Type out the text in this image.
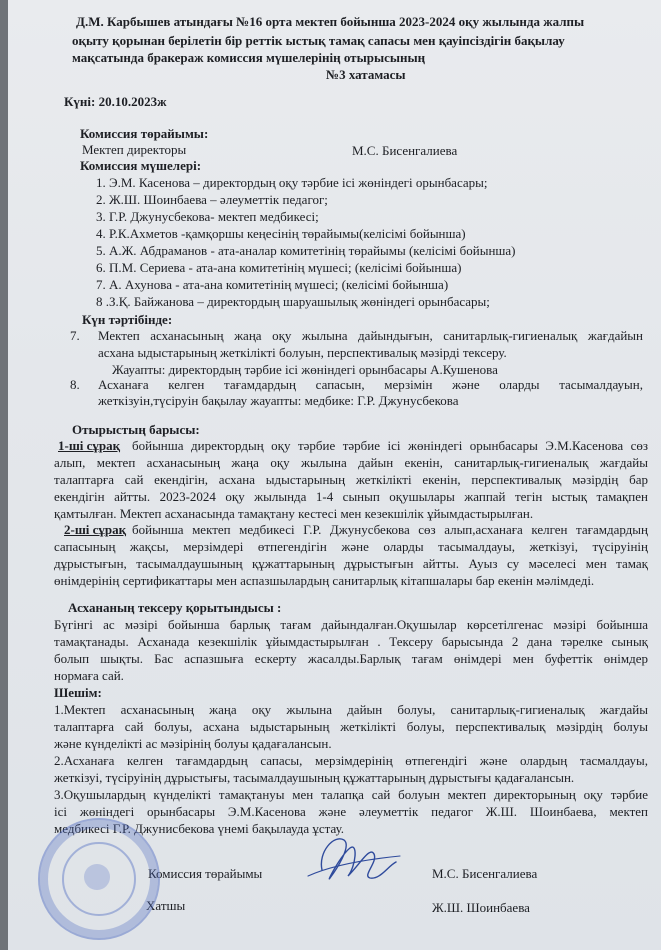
Д.М. Карбышев атындағы №16 орта мектеп бойынша 2023-2024 оқу жылында жалпы
оқыту қорынан берілетін бір реттік ыстық тамақ сапасы мен қауіпсіздігін бақылау
мақсатында бракераж комиссия мүшелерінің отырысының
№3 хатамасы
Күні: 20.10.2023ж
Комиссия төрайымы:
Мектеп директоры	М.С. Бисенгалиева
Комиссия мүшелері:
1. Э.М. Касенова – директордың оқу тәрбие ісі жөніндегі орынбасары;
2. Ж.Ш. Шоинбаева – әлеуметтік педагог;
3. Г.Р. Джунусбекова- мектеп медбикесі;
4. Р.К.Ахметов -қамқоршы кеңесінің төрайымы(келісімі бойынша)
5. А.Ж. Абдраманов - ата-аналар комитетінің төрайымы (келісімі бойынша)
6. П.М. Сериева - ата-ана комитетінің мүшесі; (келісімі бойынша)
7. А. Ахунова - ата-ана комитетінің мүшесі; (келісімі бойынша)
8 .З.Қ. Байжанова – директордың шаруашылық жөніндегі орынбасары;
Күн тәртібінде:
7. Мектеп асханасының жаңа оқу жылына дайындығын, санитарлық-гигиеналық жағдайын
асхана ыдыстарының жеткілікті болуын, перспективалық мәзірді тексеру.
Жауапты: директордың тәрбие ісі жөніндегі орынбасары А.Кушенова
8. Асханаға келген тағамдардың сапасын, мерзімін және оларды тасымалдауын,
жеткізуін,түсіруін бақылау жауапты: медбике: Г.Р. Джунусбекова
Отырыстың барысы:
1-ші сұрақ бойынша директордың оқу тәрбие тәрбие ісі жөніндегі орынбасары Э.М.Касенова сөз
алып, мектеп асханасының жаңа оқу жылына дайын екенін, санитарлық-гигиеналық жағдайы
талаптарға сай екендігін, асхана ыдыстарының жеткілікті екенін, перспективалық мәзірдің бар
екендігін айтты. 2023-2024 оқу жылында 1-4 сынып оқушылары жаппай тегін ыстық тамақпен
қамтылған. Мектеп асханасында тамақтану кестесі мен кезекшілік ұйымдастырылған.
2-ші сұрақ бойынша мектеп медбикесі Г.Р. Джунусбекова сөз алып,асханаға келген тағамдардың
сапасының жақсы, мерзімдері өтпегендігін және оларды тасымалдауы, жеткізуі, түсіруінің
дұрыстығын, тасымалдаушының құжаттарының дұрыстығын айтты. Ауыз су мәселесі мен тамақ
өнімдерінің сертификаттары мен аспазшылардың санитарлық кітапшалары бар екенін мәлімдеді.
Асхананың тексеру қорытындысы :
Бүгінгі ас мәзірі бойынша барлық тағам дайындалған.Оқушылар көрсетілгенас мәзірі бойынша
тамақтанады. Асханада кезекшілік ұйымдастырылған . Тексеру барысында 2 дана тәрелке сынық
болып шықты. Бас аспазшыға ескерту жасалды.Барлық тағам өнімдері мен буфеттік өнімдер
нормаға сай.
Шешім:
1.Мектеп асханасының жаңа оқу жылына дайын болуы, санитарлық-гигиеналық жағдайы
талаптарға сай болуы, асхана ыдыстарының жеткілікті болуы, перспективалық мәзірдің болуы
және күнделікті ас мәзірінің болуы қадағалансын.
2.Асханаға келген тағамдардың сапасы, мерзімдерінің өтпегендігі және олардың тасмалдауы,
жеткізуі, түсіруінің дұрыстығы, тасымалдаушының құжаттарының дұрыстығы қадағалансын.
3.Оқушылардың күнделікті тамақтануы мен талапқа сай болуын мектеп директорының оқу тәрбие
ісі жөніндегі орынбасары Э.М.Касенова және әлеуметтік педагог Ж.Ш. Шоинбаева, мектеп
медбикесі Г.Р. Джунисбекова үнемі бақылауда ұстау.
Комиссия төрайымы	М.С. Бисенгалиева
Хатшы	Ж.Ш. Шоинбаева
